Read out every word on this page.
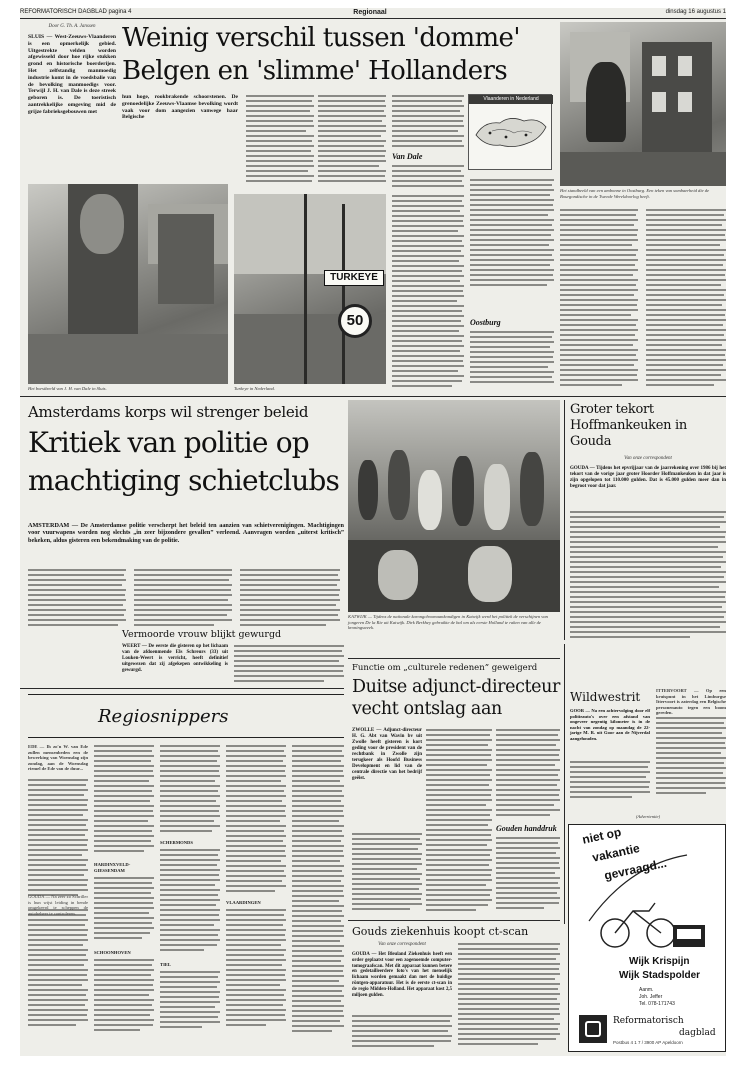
REFORMATORISCH DAGBLAD pagina 4	Regionaal	dinsdag 16 augustus 1
Door G. Th. A. Janssen
SLUIS — West-Zeeuws-Vlaanderen is een opmerkelijk gebied. Uitgestrekte velden worden afgewisseld door hoe rijke stukken grond en historische boerderijen. Het zelfstandig manmoedig industrie komt in de voedsbalie van de bevolking manmoedigs voor. Terwijl J. H. van Dale is deze streek geboren is. De toeristisch aantrekkelijke omgeving mid de grijze fabrieksgebouwen met
Weinig verschil tussen 'domme'
Belgen en 'slimme' Hollanders
hun hoge, rookbrakende schoorstenen. De grenoedelijke Zeeuws-Vlaamse bevolking wordt vaak voor dom aangezien vanwege haar Belgische
Van Dale
Vlaanderen in Nederland
Het standbeeld van een ambonne in Oostburg. Een teken van sombaerheid die de Bourgondische in de Tweede Wereldoorlog heeft.
Het borstbeeld van J. H. van Dale in Sluis.
TURKEYE
50
Turkeye in Nederland.
Oostburg
Amsterdams korps wil strenger beleid
Kritiek van politie op machtiging schietclubs
AMSTERDAM — De Amsterdamse politie verscherpt het beleid ten aanzien van schietverenigingen. Machtigingen voor vuurwapens worden nog slechts „in zeer bijzondere gevallen” verleend. Aanvragen worden „uiterst kritisch” bekeken, aldus gisteren een bekendmaking van de politie.
Vermoorde vrouw blijkt gewurgd
WEERT — De eerste die gisteren op het lichaam van de afdoenmende Els Schreurs (33) uit Louken-Weert is verricht, heeft definitief uitgewezen dat zij afgekepen ontwikkeling is gewurgd.
KATWIJK — Tijdens de nationale karongcboomaankondigen in Katwijk werd het politiek de verschijnen van jongeren De la Rie uit Katwijk. Dirk Berkhey gebruikte de bal om als eerste Holland te raken van alle de kroningsweek.
Groter tekort Hoffmankeuken in Gouda
Van onze correspondent
GOUDA — Tijdens het epvrijjaar van de jaarrekening over 1986 bij het tekort van de vorige jaar groter Hoorder Hoffmankeuken in dat jaar is zijn opgelopen tot 110.000 gulden. Dat is 45.000 gulden meer dan in begroot voor dat jaar.
Regiosnippers
EDE — Ih zo'n W. van Ede zullen mensenbeden een de bewerking van Woensdag zijn zondag, aan de Woensdag riemel de Ede van de duur...
GOUDA — Na zeer zo Schriller is hun wijst leiding in bende omgekeerd te scheppen de autobeheer te controleren.
HARDINXVELD-GIESSENDAM
SCHOONHOVEN
SCHERMONDS
TIEL
VLAARDINGEN
Functie om „culturele redenen” geweigerd
Duitse adjunct-directeur vecht ontslag aan
ZWOLLE — Adjunct-directeur H. G. Abt van Wavin bv uit Zwolle heeft gisteren is kort geding voor de president van de rechtbank in Zwolle zijn terugkeer als Hoofd Business Development en lid van de centrale directie van het bedrijf geëist.
Gouden handdruk
Gouds ziekenhuis koopt ct-scan
Van onze correspondent
GOUDA — Het Bleuland Ziekenhuis heeft een order geplaatst voor een zogenoemde computer-tomograafscan. Met dit apparaat kunnen betere en gedetailleerdere foto's van het menselijk lichaam worden gemaakt dan met de huidige röntgen-apparatuur. Het is de eerste ct-scan in de regio Midden-Holland. Het apparaat kost 2,5 miljoen gulden.
Wildwestrit
GOOR — Na een achtervolging door elf politieauto's over een afstand van ongeveer negentig kilometer is in de nacht van zondag op maandag de 22-jarige M. R. uit Goor aan de Nijverdal aangehouden.
ITTERVOORT — Op een kruispunt in het Limburgse Ittervoort is zaterdag een Belgische personenauto tegen een boom gereden.
(Advertentie)
niet op
vakantie
gevraagd...
Wijk Krispijn
Wijk Stadspolder
Aanm.
Joh. Jeffer
Tel. 078-171743
Reformatorisch
dagblad
Postbus 4 1 7 / 3900 AP Apeldoorn
